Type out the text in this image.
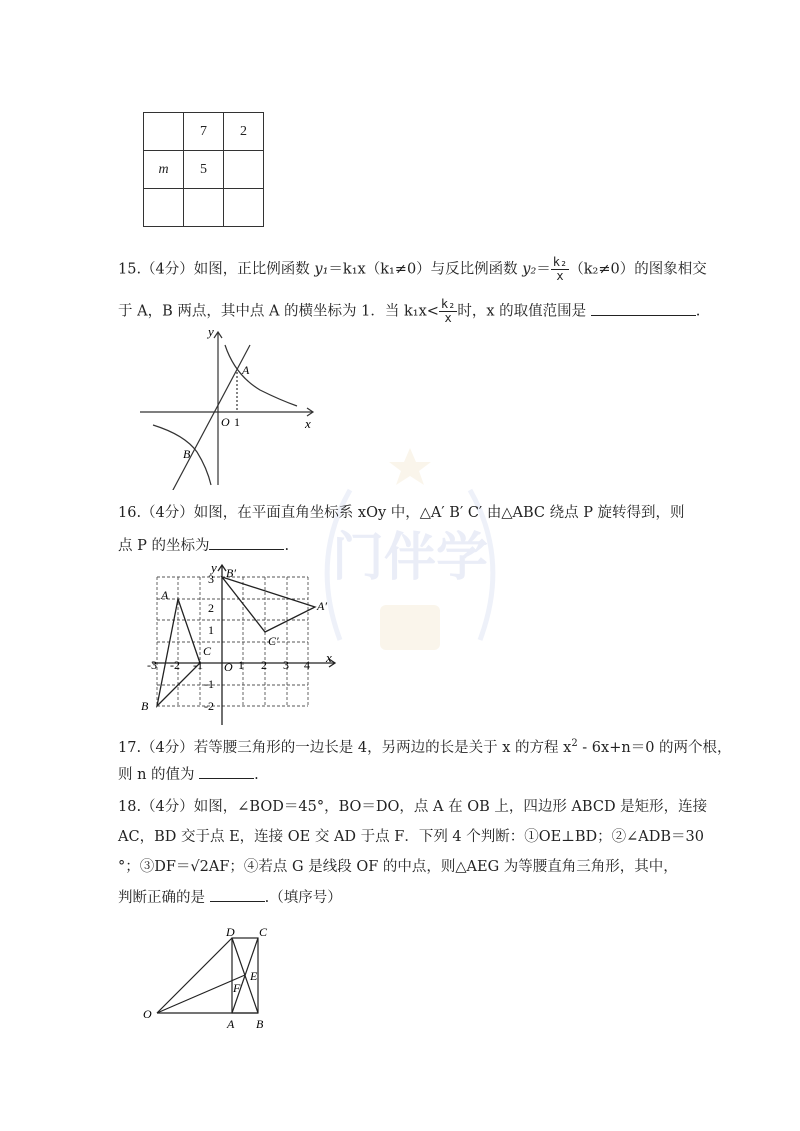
门伴学
	7	2
m	5	

15.（4分）如图，正比例函数 y₁＝k₁x（k₁≠0）与反比例函数 $y_2= \frac{\text{k₂}}{x} (k_2\ne 0)$的图象相交
于 A，B 两点，其中点 A 的横坐标为 1．当 $k_1x< \frac{\text{k₂}}{x}$ 时，x 的取值范围是	.
y
x
O 1
A
B
16.（4分）如图，在平面直角坐标系 xOy 中，△A′ B′ C′ 由△ABC 绕点 P 旋转得到，则
点 P 的坐标为	.
-3 -2 -1	1 2 3 4
3
2
1
-1
-2
y
x
O
A
B
C
A′
B′
C′
17.（4分）若等腰三角形的一边长是 4，另两边的长是关于 x 的方程 $x^2 - 6x+n=0$ 的两个根，
则 n 的值为	.
18.（4分）如图，∠BOD＝45°，BO＝DO，点 A 在 OB 上，四边形 ABCD 是矩形，连接
AC，BD 交于点 E，连接 OE 交 AD 于点 F．下列 4 个判断：①OE⊥BD；②∠ADB＝30
°；③DF＝√2AF；④若点 G 是线段 OF 的中点，则△AEG 为等腰直角三角形，其中，
判断正确的是	.（填序号）
D C
E
F
O
A B
